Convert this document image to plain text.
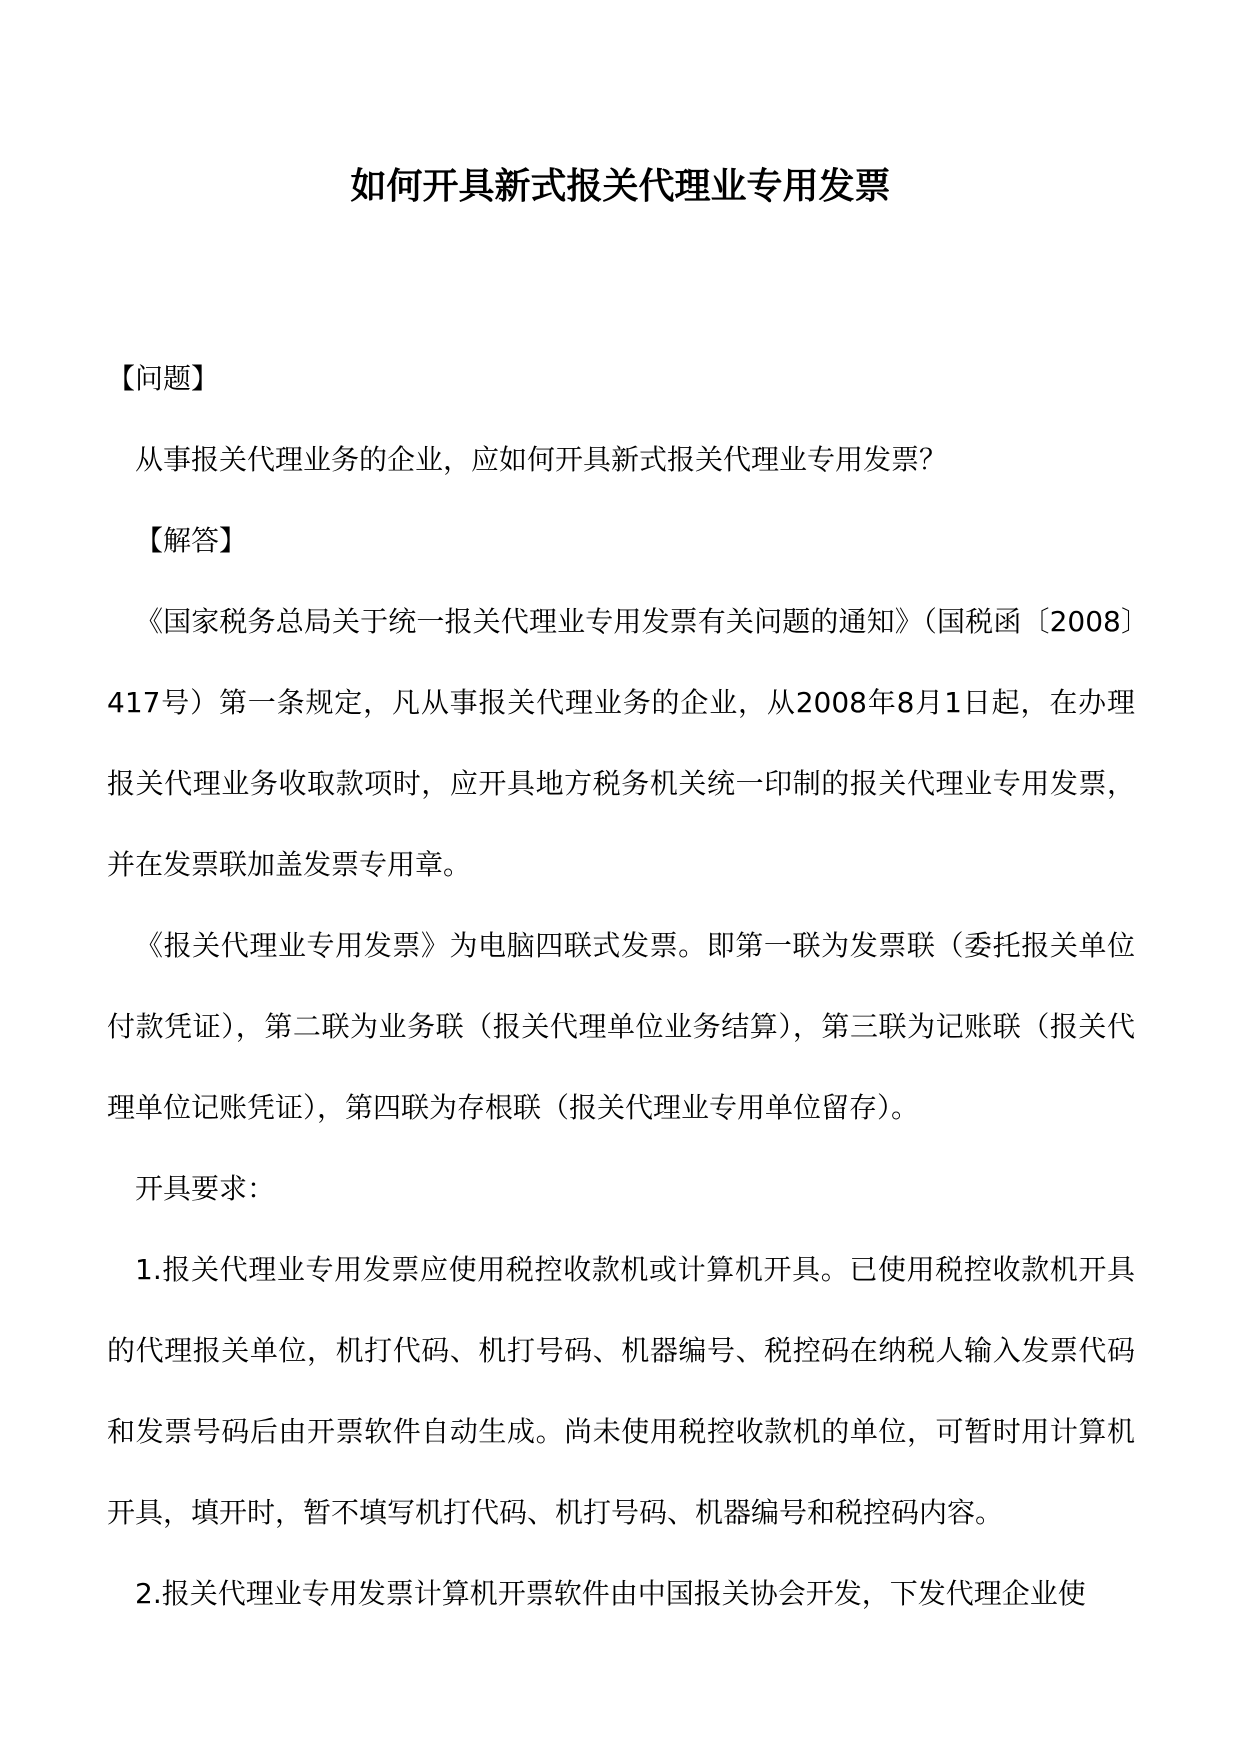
如何开具新式报关代理业专用发票

【问题】

从事报关代理业务的企业，应如何开具新式报关代理业专用发票？

【解答】

《国家税务总局关于统一报关代理业专用发票有关问题的通知》（国税函〔2008〕417号）第一条规定，凡从事报关代理业务的企业，从2008年8月1日起，在办理报关代理业务收取款项时，应开具地方税务机关统一印制的报关代理业专用发票，并在发票联加盖发票专用章。

《报关代理业专用发票》为电脑四联式发票。即第一联为发票联（委托报关单位付款凭证），第二联为业务联（报关代理单位业务结算），第三联为记账联（报关代理单位记账凭证），第四联为存根联（报关代理业专用单位留存）。

开具要求：

1.报关代理业专用发票应使用税控收款机或计算机开具。已使用税控收款机开具的代理报关单位，机打代码、机打号码、机器编号、税控码在纳税人输入发票代码和发票号码后由开票软件自动生成。尚未使用税控收款机的单位，可暂时用计算机开具，填开时，暂不填写机打代码、机打号码、机器编号和税控码内容。

2.报关代理业专用发票计算机开票软件由中国报关协会开发，下发代理企业使
